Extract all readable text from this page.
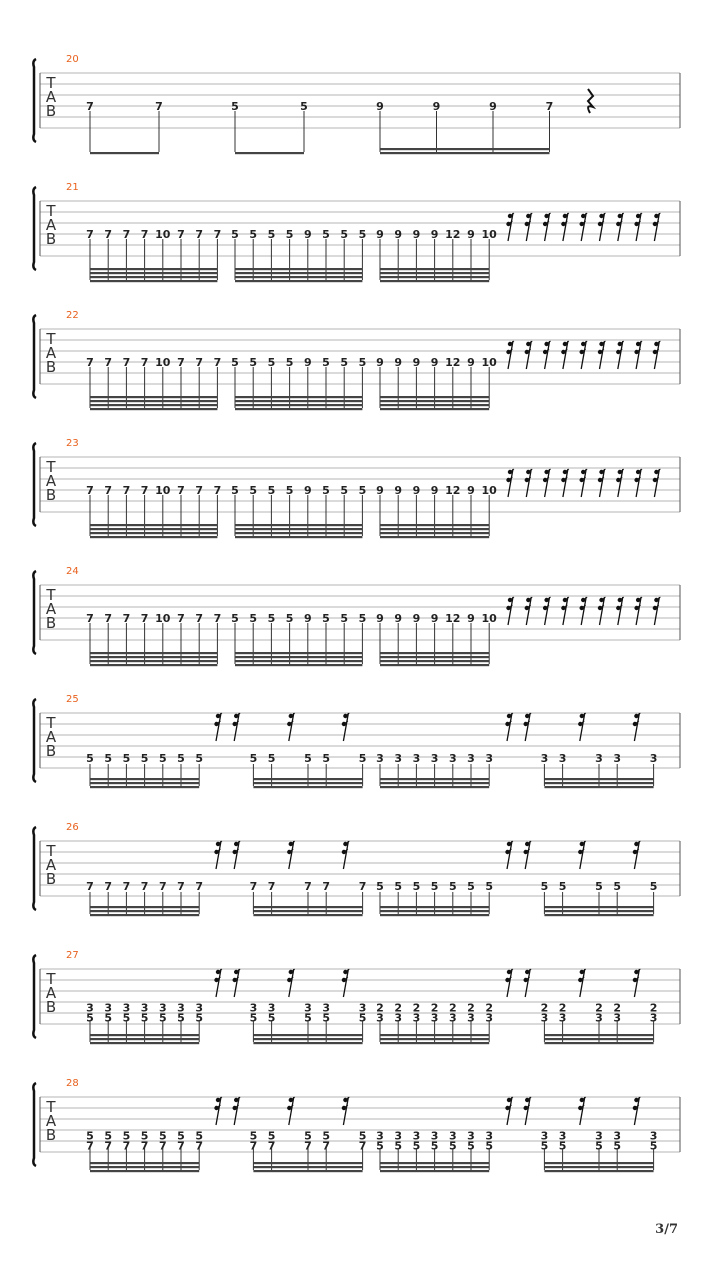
20
T
A
B	7	7	5	5	9	9	9	7
21
T
A
B	7 7 7 7 10 7 7 7 5 5 5 5 9 5 5 5 9 9 9 9 12 9 10
22
T
A
B	7 7 7 7 10 7 7 7 5 5 5 5 9 5 5 5 9 9 9 9 12 9 10
23
T
A
B	7 7 7 7 10 7 7 7 5 5 5 5 9 5 5 5 9 9 9 9 12 9 10
24
T
A
B	7 7 7 7 10 7 7 7 5 5 5 5 9 5 5 5 9 9 9 9 12 9 10
25
T
A
B	5 5 5 5 5 5 5	5 5	5 5	5 3 3 3 3 3 3 3	3 3	3 3	3
26
T
A
B	7 7 7 7 7 7 7	7 7	7 7	7 5 5 5 5 5 5 5	5 5	5 5	5
27
T
A
B	3
5
3
5
3
5
3
5
3
5
3
5
3
5
3
5
3
5
3
5
3
5
3
5
2
3
2
3
2
3
2
3
2
3
2
3
2
3
2
3
2
3
2
3
2
3
2
3
28
T
A
B	5
7
5
7
5
7
5
7
5
7
5
7
5
7
5
7
5
7
5
7
5
7
5
7
3
5
3
5
3
5
3
5
3
5
3
5
3
5
3
5
3
5
3
5
3
5
3
5
3/7
